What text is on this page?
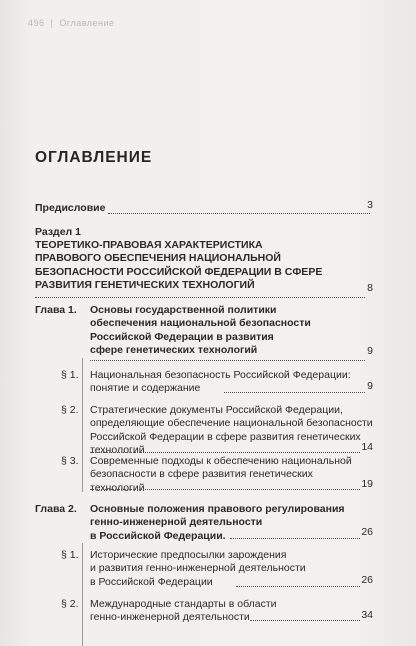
496 | Оглавление
ОГЛАВЛЕНИЕ
Предисловие	3
Раздел 1
ТЕОРЕТИКО-ПРАВОВАЯ ХАРАКТЕРИСТИКА
ПРАВОВОГО ОБЕСПЕЧЕНИЯ НАЦИОНАЛЬНОЙ
БЕЗОПАСНОСТИ РОССИЙСКОЙ ФЕДЕРАЦИИ В СФЕРЕ
РАЗВИТИЯ ГЕНЕТИЧЕСКИХ ТЕХНОЛОГИЙ	8
Глава 1. Основы государственной политики
обеспечения национальной безопасности
Российской Федерации в развития
сфере генетических технологий	9
§ 1. Национальная безопасность Российской Федерации:
понятие и содержание	9
§ 2. Стратегические документы Российской Федерации,
определяющие обеспечение национальной безопасности
Российской Федерации в сфере развития генетических
технологий	14
§ 3. Современные подходы к обеспечению национальной
безопасности в сфере развития генетических
технологий	19
Глава 2. Основные положения правового регулирования
генно-инженерной деятельности
в Российской Федерации.	26
§ 1. Исторические предпосылки зарождения
и развития генно-инженерной деятельности
в Российской Федерации	26
§ 2. Международные стандарты в области
генно-инженерной деятельности	34
